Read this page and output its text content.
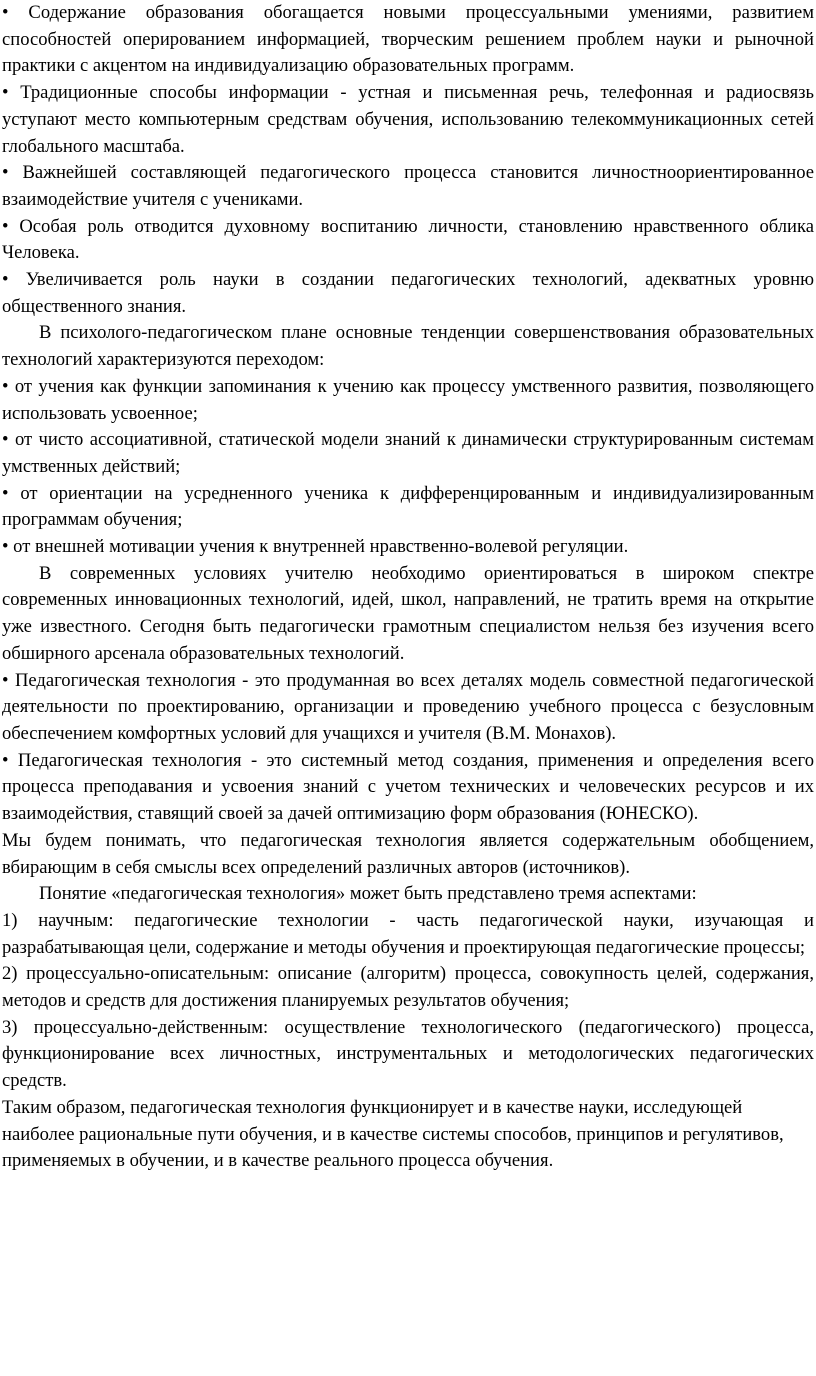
• Содержание образования обогащается новыми процессуальными умениями, развитием способностей оперированием информацией, творческим решением проблем науки и рыночной практики с акцентом на индивидуализацию образовательных программ.

• Традиционные способы информации - устная и письменная речь, телефонная и радиосвязь уступают место компьютерным средствам обучения, использованию телекоммуникационных сетей глобального масштаба.

• Важнейшей составляющей педагогического процесса становится личностноориентированное взаимодействие учителя с учениками.

• Особая роль отводится духовному воспитанию личности, становлению нравственного облика Человека.

• Увеличивается роль науки в создании педагогических технологий, адекватных уровню общественного знания.

В психолого-педагогическом плане основные тенденции совершенствования образовательных технологий характеризуются переходом:

• от учения как функции запоминания к учению как процессу умственного развития, позволяющего использовать усвоенное;

• от чисто ассоциативной, статической модели знаний к динамически структурированным системам умственных действий;

• от ориентации на усредненного ученика к дифференцированным и индивидуализированным программам обучения;

• от внешней мотивации учения к внутренней нравственно-волевой регуляции.

В современных условиях учителю необходимо ориентироваться в широком спектре современных инновационных технологий, идей, школ, направлений, не тратить время на открытие уже известного. Сегодня быть педагогически грамотным специалистом нельзя без изучения всего обширного арсенала образовательных технологий.

• Педагогическая технология - это продуманная во всех деталях модель совместной педагогической деятельности по проектированию, организации и проведению учебного процесса с безусловным обеспечением комфортных условий для учащихся и учителя (В.М. Монахов).

• Педагогическая технология - это системный метод создания, применения и определения всего процесса преподавания и усвоения знаний с учетом технических и человеческих ресурсов и их взаимодействия, ставящий своей за дачей оптимизацию форм образования (ЮНЕСКО).

Мы будем понимать, что педагогическая технология является содержательным обобщением, вбирающим в себя смыслы всех определений различных авторов (источников).

Понятие «педагогическая технология» может быть представлено тремя аспектами:

1) научным: педагогические технологии - часть педагогической науки, изучающая и разрабатывающая цели, содержание и методы обучения и проектирующая педагогические процессы;

2) процессуально-описательным: описание (алгоритм) процесса, совокупность целей, содержания, методов и средств для достижения планируемых результатов обучения;

3) процессуально-действенным: осуществление технологического (педагогического) процесса, функционирование всех личностных, инструментальных и методологических педагогических средств.

Таким образом, педагогическая технология функционирует и в качестве науки, исследующей наиболее рациональные пути обучения, и в качестве системы способов, принципов и регулятивов, применяемых в обучении, и в качестве реального процесса обучения.
